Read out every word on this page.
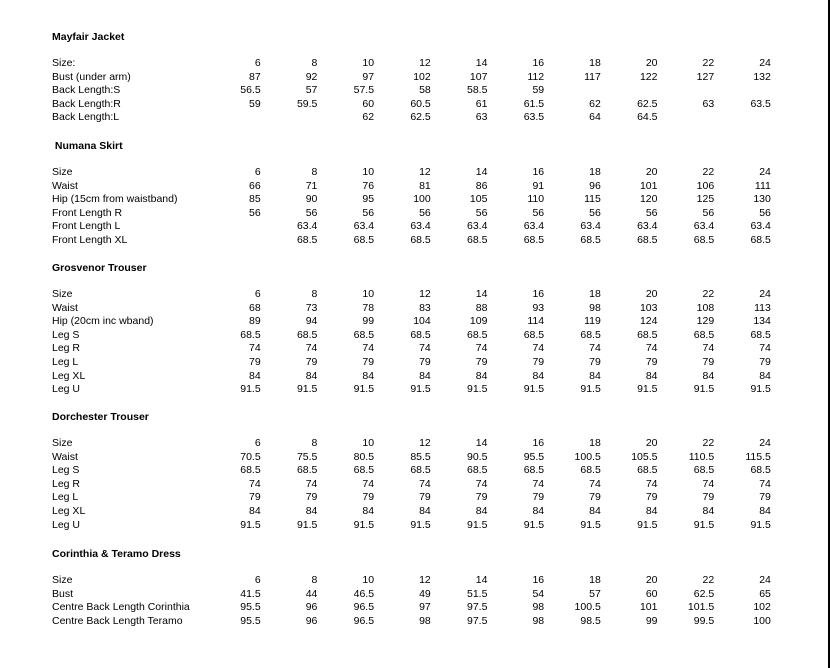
Mayfair Jacket
Size:	6	8	10	12	14	16	18	20	22	24
Bust (under arm)	87	92	97	102	107	112	117	122	127	132
Back Length:S	56.5	57	57.5	58	58.5	59				
Back Length:R	59	59.5	60	60.5	61	61.5	62	62.5	63	63.5
Back Length:L			62	62.5	63	63.5	64	64.5		
Numana Skirt
Size	6	8	10	12	14	16	18	20	22	24
Waist	66	71	76	81	86	91	96	101	106	111
Hip (15cm from waistband)	85	90	95	100	105	110	115	120	125	130
Front Length R	56	56	56	56	56	56	56	56	56	56
Front Length L		63.4	63.4	63.4	63.4	63.4	63.4	63.4	63.4	63.4
Front Length XL		68.5	68.5	68.5	68.5	68.5	68.5	68.5	68.5	68.5
Grosvenor Trouser
Size	6	8	10	12	14	16	18	20	22	24
Waist	68	73	78	83	88	93	98	103	108	113
Hip (20cm inc wband)	89	94	99	104	109	114	119	124	129	134
Leg S	68.5	68.5	68.5	68.5	68.5	68.5	68.5	68.5	68.5	68.5
Leg R	74	74	74	74	74	74	74	74	74	74
Leg L	79	79	79	79	79	79	79	79	79	79
Leg XL	84	84	84	84	84	84	84	84	84	84
Leg U	91.5	91.5	91.5	91.5	91.5	91.5	91.5	91.5	91.5	91.5
Dorchester Trouser
Size	6	8	10	12	14	16	18	20	22	24
Waist	70.5	75.5	80.5	85.5	90.5	95.5	100.5	105.5	110.5	115.5
Leg S	68.5	68.5	68.5	68.5	68.5	68.5	68.5	68.5	68.5	68.5
Leg R	74	74	74	74	74	74	74	74	74	74
Leg L	79	79	79	79	79	79	79	79	79	79
Leg XL	84	84	84	84	84	84	84	84	84	84
Leg U	91.5	91.5	91.5	91.5	91.5	91.5	91.5	91.5	91.5	91.5
Corinthia & Teramo Dress
Size	6	8	10	12	14	16	18	20	22	24
Bust	41.5	44	46.5	49	51.5	54	57	60	62.5	65
Centre Back Length Corinthia	95.5	96	96.5	97	97.5	98	100.5	101	101.5	102
Centre Back Length Teramo	95.5	96	96.5	98	97.5	98	98.5	99	99.5	100
